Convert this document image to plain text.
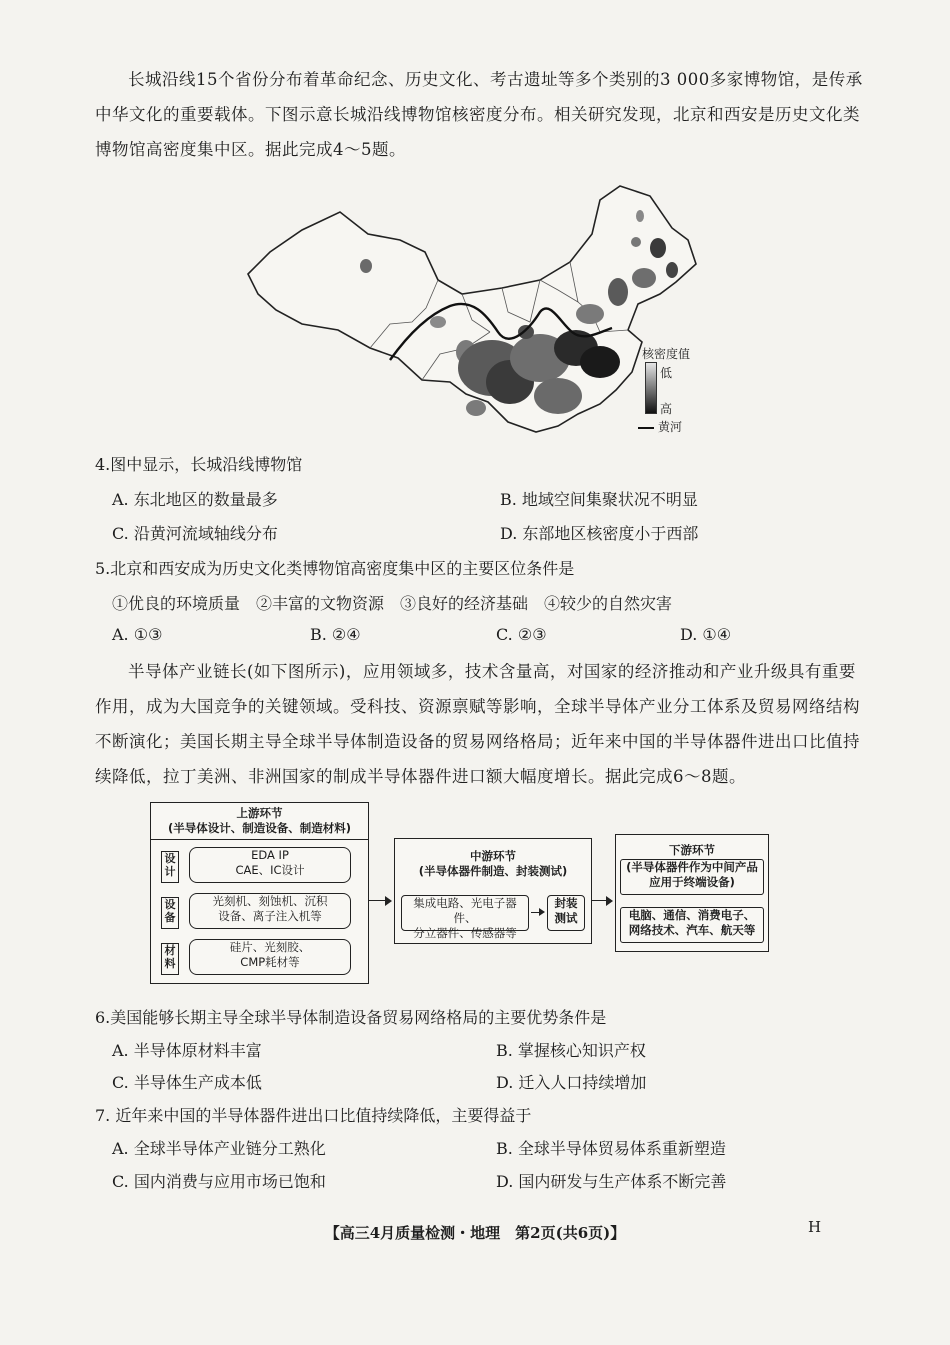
长城沿线15个省份分布着革命纪念、历史文化、考古遗址等多个类别的3 000多家博物馆，是传承中华文化的重要载体。下图示意长城沿线博物馆核密度分布。相关研究发现，北京和西安是历史文化类博物馆高密度集中区。据此完成4～5题。
核密度值
低
高
黄河
4.图中显示，长城沿线博物馆
A. 东北地区的数量最多	B. 地域空间集聚状况不明显
C. 沿黄河流域轴线分布	D. 东部地区核密度小于西部
5.北京和西安成为历史文化类博物馆高密度集中区的主要区位条件是
①优良的环境质量　②丰富的文物资源　③良好的经济基础　④较少的自然灾害
A. ①③	B. ②④	C. ②③	D. ①④
半导体产业链长(如下图所示)，应用领域多，技术含量高，对国家的经济推动和产业升级具有重要作用，成为大国竞争的关键领域。受科技、资源禀赋等影响，全球半导体产业分工体系及贸易网络结构不断演化；美国长期主导全球半导体制造设备的贸易网络格局；近年来中国的半导体器件进出口比值持续降低，拉丁美洲、非洲国家的制成半导体器件进口额大幅度增长。据此完成6～8题。
上游环节
(半导体设计、制造设备、制造材料)
设计
EDA IP
CAE、IC设计
设备
光刻机、刻蚀机、沉积
设备、离子注入机等
材料
硅片、光刻胶、
CMP耗材等
中游环节
(半导体器件制造、封装测试)
集成电路、光电子器件、
分立器件、传感器等
封装
测试
下游环节
(半导体器件作为中间产品
应用于终端设备)
电脑、通信、消费电子、
网络技术、汽车、航天等
6.美国能够长期主导全球半导体制造设备贸易网络格局的主要优势条件是
A. 半导体原材料丰富	B. 掌握核心知识产权
C. 半导体生产成本低	D. 迁入人口持续增加
7. 近年来中国的半导体器件进出口比值持续降低，主要得益于
A. 全球半导体产业链分工熟化	B. 全球半导体贸易体系重新塑造
C. 国内消费与应用市场已饱和	D. 国内研发与生产体系不断完善
【高三4月质量检测・地理　第2页(共6页)】	H
